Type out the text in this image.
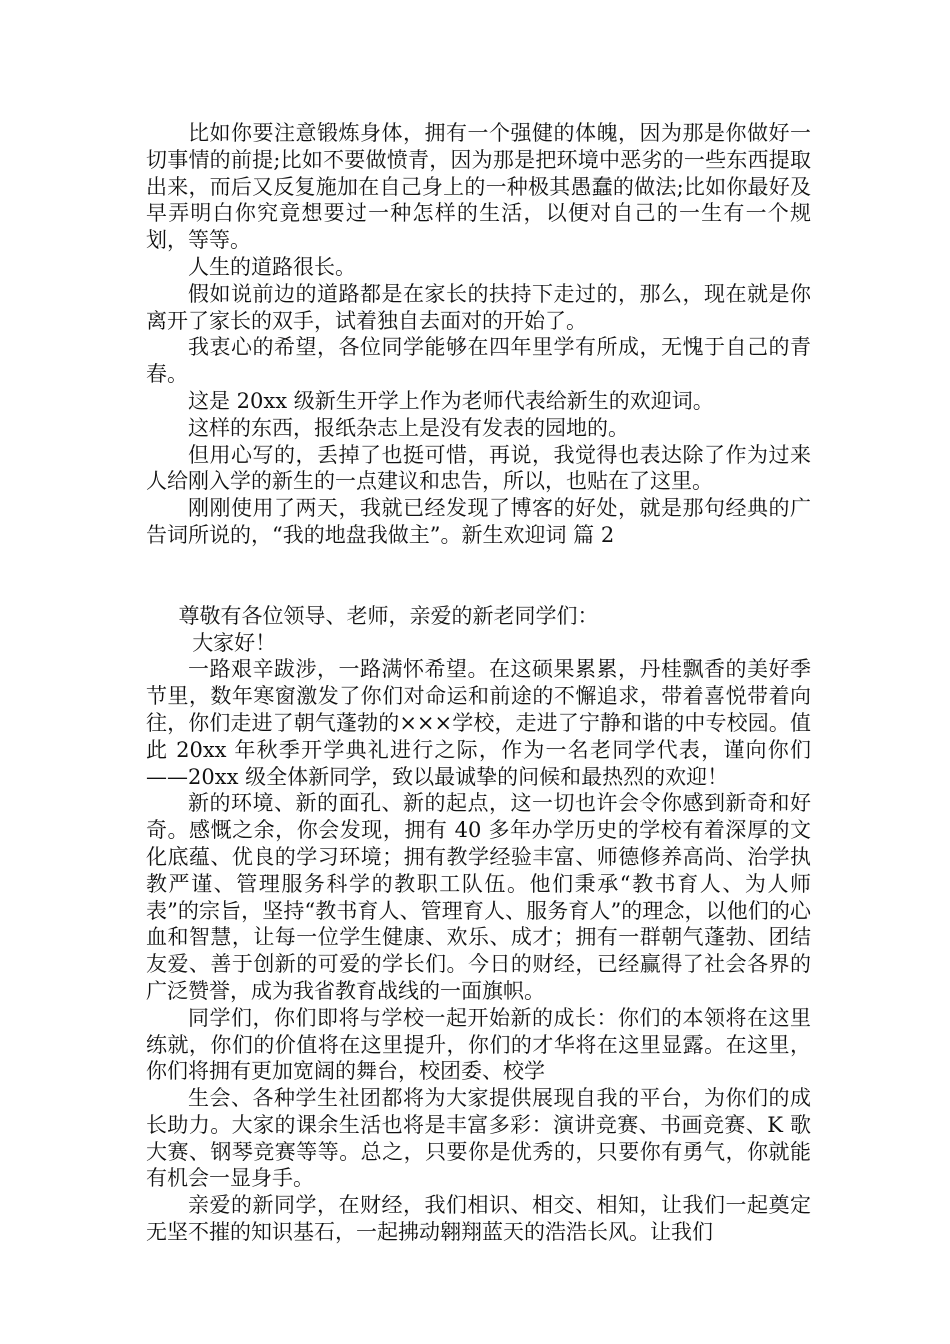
比如你要注意锻炼身体，拥有一个强健的体魄，因为那是你做好一切事情的前提;比如不要做愤青，因为那是把环境中恶劣的一些东西提取出来，而后又反复施加在自己身上的一种极其愚蠢的做法;比如你最好及早弄明白你究竟想要过一种怎样的生活，以便对自己的一生有一个规划，等等。

人生的道路很长。

假如说前边的道路都是在家长的扶持下走过的，那么，现在就是你离开了家长的双手，试着独自去面对的开始了。

我衷心的希望，各位同学能够在四年里学有所成，无愧于自己的青春。

这是 20xx 级新生开学上作为老师代表给新生的欢迎词。

这样的东西，报纸杂志上是没有发表的园地的。

但用心写的，丢掉了也挺可惜，再说，我觉得也表达除了作为过来人给刚入学的新生的一点建议和忠告，所以，也贴在了这里。

刚刚使用了两天，我就已经发现了博客的好处，就是那句经典的广告词所说的，“我的地盘我做主”。新生欢迎词 篇 2

尊敬有各位领导、老师，亲爱的新老同学们：

大家好！

一路艰辛跋涉，一路满怀希望。在这硕果累累，丹桂飘香的美好季节里，数年寒窗激发了你们对命运和前途的不懈追求，带着喜悦带着向往，你们走进了朝气蓬勃的×××学校，走进了宁静和谐的中专校园。值此 20xx 年秋季开学典礼进行之际，作为一名老同学代表，谨向你们——20xx 级全体新同学，致以最诚挚的问候和最热烈的欢迎！

新的环境、新的面孔、新的起点，这一切也许会令你感到新奇和好奇。感慨之余，你会发现，拥有 40 多年办学历史的学校有着深厚的文化底蕴、优良的学习环境；拥有教学经验丰富、师德修养高尚、治学执教严谨、管理服务科学的教职工队伍。他们秉承“教书育人、为人师表”的宗旨，坚持“教书育人、管理育人、服务育人”的理念，以他们的心血和智慧，让每一位学生健康、欢乐、成才；拥有一群朝气蓬勃、团结友爱、善于创新的可爱的学长们。今日的财经，已经赢得了社会各界的广泛赞誉，成为我省教育战线的一面旗帜。

同学们，你们即将与学校一起开始新的成长：你们的本领将在这里练就，你们的价值将在这里提升，你们的才华将在这里显露。在这里，你们将拥有更加宽阔的舞台，校团委、校学

生会、各种学生社团都将为大家提供展现自我的平台，为你们的成长助力。大家的课余生活也将是丰富多彩：演讲竞赛、书画竞赛、K 歌大赛、钢琴竞赛等等。总之，只要你是优秀的，只要你有勇气，你就能有机会一显身手。

亲爱的新同学，在财经，我们相识、相交、相知，让我们一起奠定无坚不摧的知识基石，一起拂动翱翔蓝天的浩浩长风。让我们
